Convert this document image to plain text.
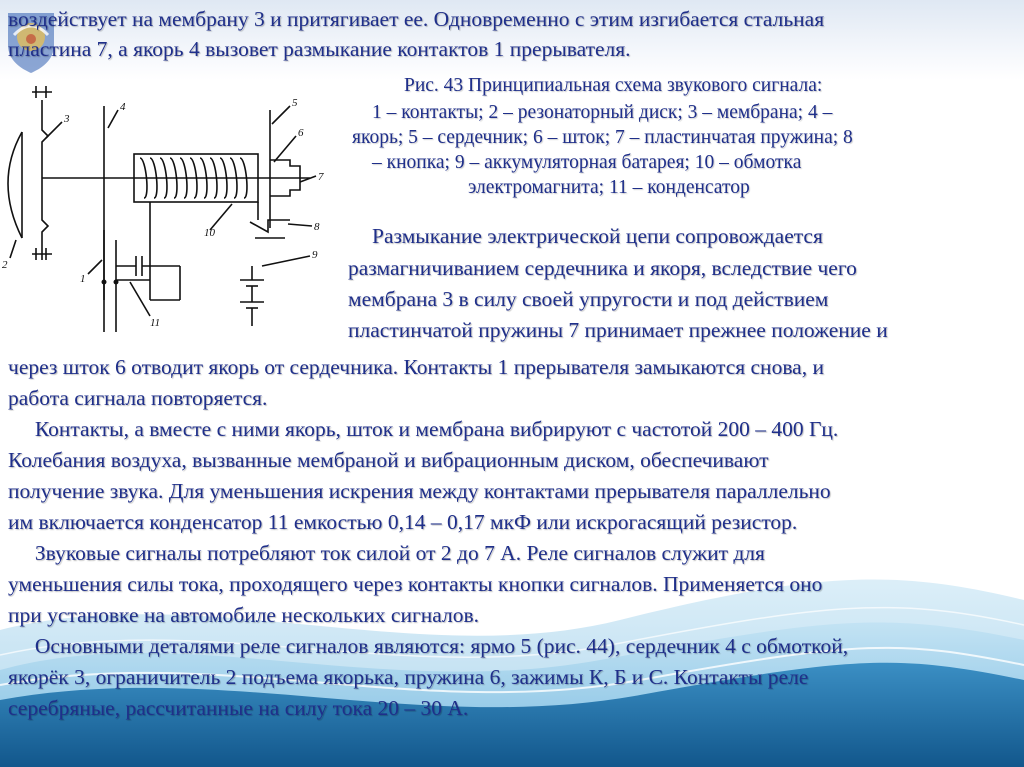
воздействует на мембрану 3 и притягивает ее. Одновременно с этим изгибается стальная
пластина 7, а якорь 4 вызовет размыкание контактов 1 прерывателя.
3
4	5
6
7
8
9
10
11
1
2
Рис. 43 Принципиальная схема звукового сигнала:
1 – контакты; 2 – резонаторный диск; 3 – мембрана; 4 –
якорь; 5 – сердечник; 6 – шток; 7 – пластинчатая пружина; 8
– кнопка; 9 – аккумуляторная батарея; 10 – обмотка
электромагнита; 11 – конденсатор
Размыкание электрической цепи сопровождается
размагничиванием сердечника и якоря, вследствие чего
мембрана 3 в силу своей упругости и под действием
пластинчатой пружины 7 принимает прежнее положение и
через шток 6 отводит якорь от сердечника. Контакты 1 прерывателя замыкаются снова, и
работа сигнала повторяется.
Контакты, а вместе с ними якорь, шток и мембрана вибрируют с частотой 200 – 400 Гц.
Колебания воздуха, вызванные мембраной и вибрационным диском, обеспечивают
получение звука. Для уменьшения искрения между контактами прерывателя параллельно
им включается конденсатор 11 емкостью 0,14 – 0,17 мкФ или искрогасящий резистор.
Звуковые сигналы потребляют ток силой от 2 до 7 А. Реле сигналов служит для
уменьшения силы тока, проходящего через контакты кнопки сигналов. Применяется оно
при установке на автомобиле нескольких сигналов.
Основными деталями реле сигналов являются: ярмо 5 (рис. 44), сердечник 4 с обмоткой,
якорёк 3, ограничитель 2 подъема якорька, пружина 6, зажимы К, Б и С. Контакты реле
серебряные, рассчитанные на силу тока 20 – 30 А.
